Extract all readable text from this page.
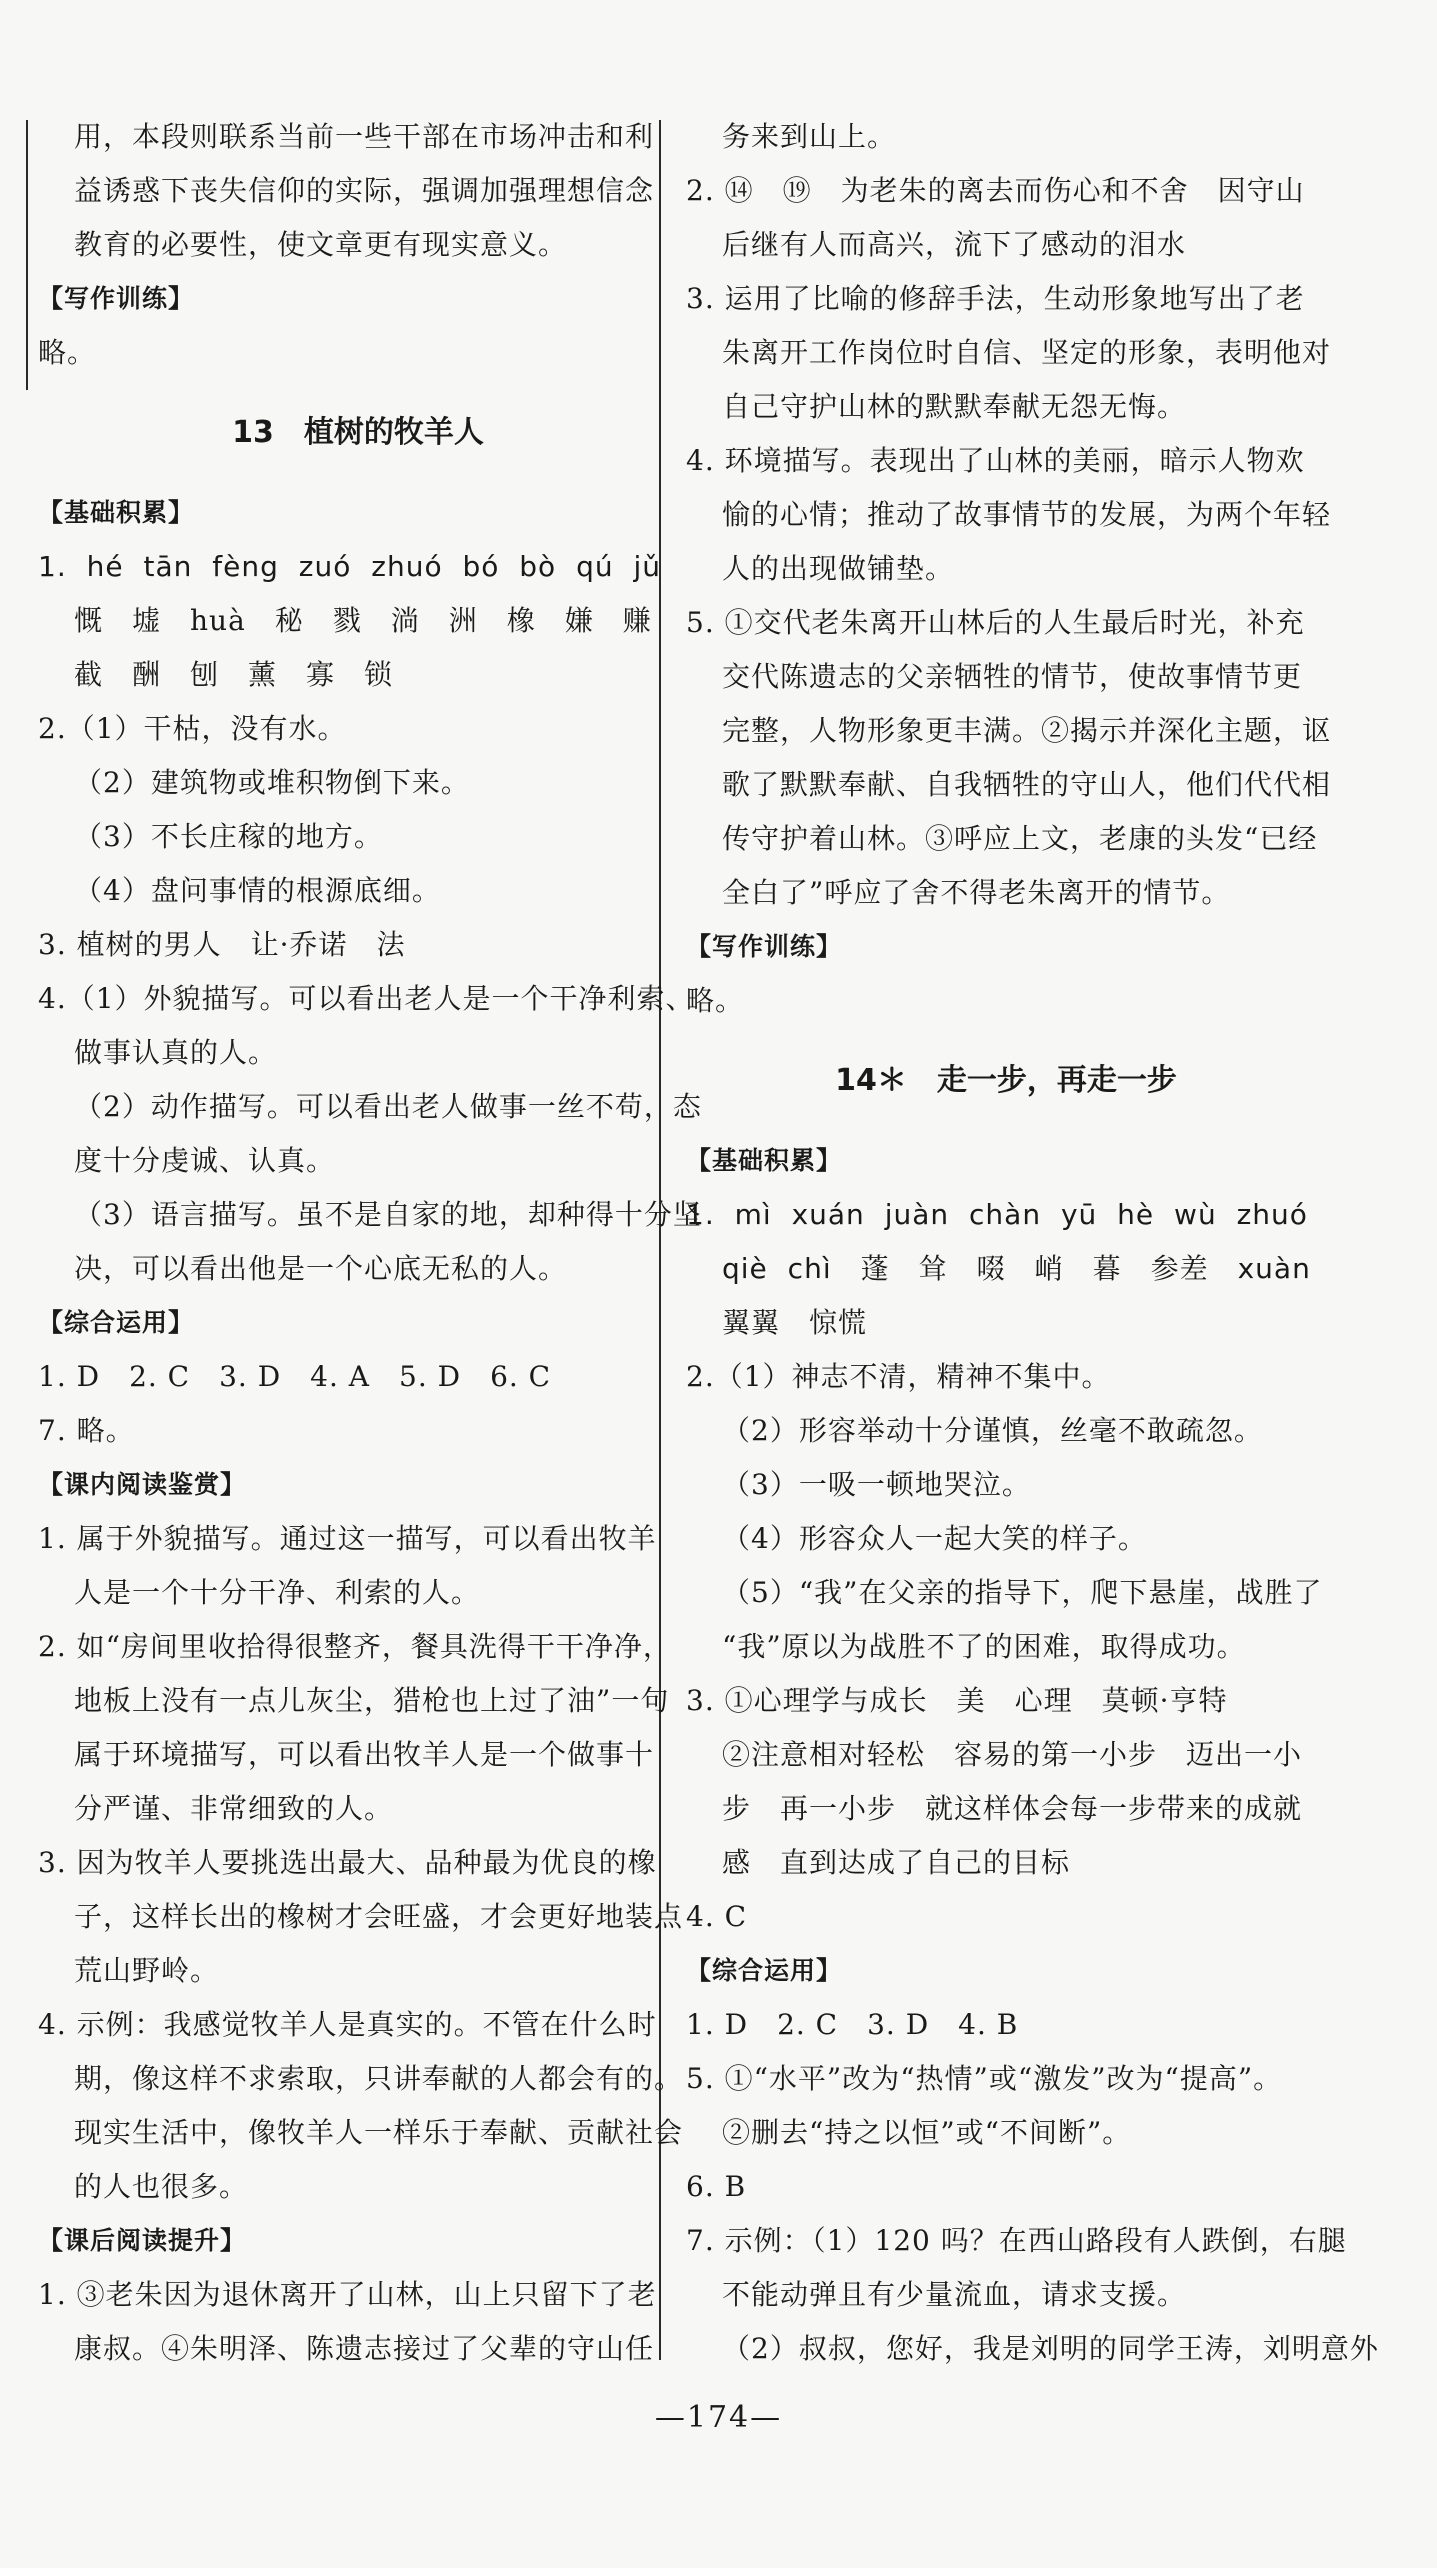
用，本段则联系当前一些干部在市场冲击和利
益诱惑下丧失信仰的实际，强调加强理想信念
教育的必要性，使文章更有现实意义。
【写作训练】
略。
13　植树的牧羊人
【基础积累】
1. hé tān fèng zuó zhuó bó bò qú jǔ
慨　墟　huà　秘　戮　淌　洲　橡　嫌　赚
截　酬　刨　薰　寡　锁
2.（1）干枯，没有水。
（2）建筑物或堆积物倒下来。
（3）不长庄稼的地方。
（4）盘问事情的根源底细。
3. 植树的男人　让·乔诺　法
4.（1）外貌描写。可以看出老人是一个干净利索、
做事认真的人。
（2）动作描写。可以看出老人做事一丝不苟，态
度十分虔诚、认真。
（3）语言描写。虽不是自家的地，却种得十分坚
决，可以看出他是一个心底无私的人。
【综合运用】
1. D　2. C　3. D　4. A　5. D　6. C
7. 略。
【课内阅读鉴赏】
1. 属于外貌描写。通过这一描写，可以看出牧羊
人是一个十分干净、利索的人。
2. 如“房间里收拾得很整齐，餐具洗得干干净净，
地板上没有一点儿灰尘，猎枪也上过了油”一句
属于环境描写，可以看出牧羊人是一个做事十
分严谨、非常细致的人。
3. 因为牧羊人要挑选出最大、品种最为优良的橡
子，这样长出的橡树才会旺盛，才会更好地装点
荒山野岭。
4. 示例：我感觉牧羊人是真实的。不管在什么时
期，像这样不求索取，只讲奉献的人都会有的。
现实生活中，像牧羊人一样乐于奉献、贡献社会
的人也很多。
【课后阅读提升】
1. ③老朱因为退休离开了山林，山上只留下了老
康叔。④朱明泽、陈遗志接过了父辈的守山任
务来到山上。
2. ⑭　⑲　为老朱的离去而伤心和不舍　因守山
后继有人而高兴，流下了感动的泪水
3. 运用了比喻的修辞手法，生动形象地写出了老
朱离开工作岗位时自信、坚定的形象，表明他对
自己守护山林的默默奉献无怨无悔。
4. 环境描写。表现出了山林的美丽，暗示人物欢
愉的心情；推动了故事情节的发展，为两个年轻
人的出现做铺垫。
5. ①交代老朱离开山林后的人生最后时光，补充
交代陈遗志的父亲牺牲的情节，使故事情节更
完整，人物形象更丰满。②揭示并深化主题，讴
歌了默默奉献、自我牺牲的守山人，他们代代相
传守护着山林。③呼应上文，老康的头发“已经
全白了”呼应了舍不得老朱离开的情节。
【写作训练】
略。
14＊　走一步，再走一步
【基础积累】
1. mì xuán juàn chàn yū hè wù zhuó
qiè chì　蓬　耸　啜　峭　暮　参差　xuàn
翼翼　惊慌
2.（1）神志不清，精神不集中。
（2）形容举动十分谨慎，丝毫不敢疏忽。
（3）一吸一顿地哭泣。
（4）形容众人一起大笑的样子。
（5）“我”在父亲的指导下，爬下悬崖，战胜了
“我”原以为战胜不了的困难，取得成功。
3. ①心理学与成长　美　心理　莫顿·亨特
②注意相对轻松　容易的第一小步　迈出一小
步　再一小步　就这样体会每一步带来的成就
感　直到达成了自己的目标
4. C
【综合运用】
1. D　2. C　3. D　4. B
5. ①“水平”改为“热情”或“激发”改为“提高”。
②删去“持之以恒”或“不间断”。
6. B
7. 示例：（1）120 吗？在西山路段有人跌倒，右腿
不能动弹且有少量流血，请求支援。
（2）叔叔，您好，我是刘明的同学王涛，刘明意外
—174—
